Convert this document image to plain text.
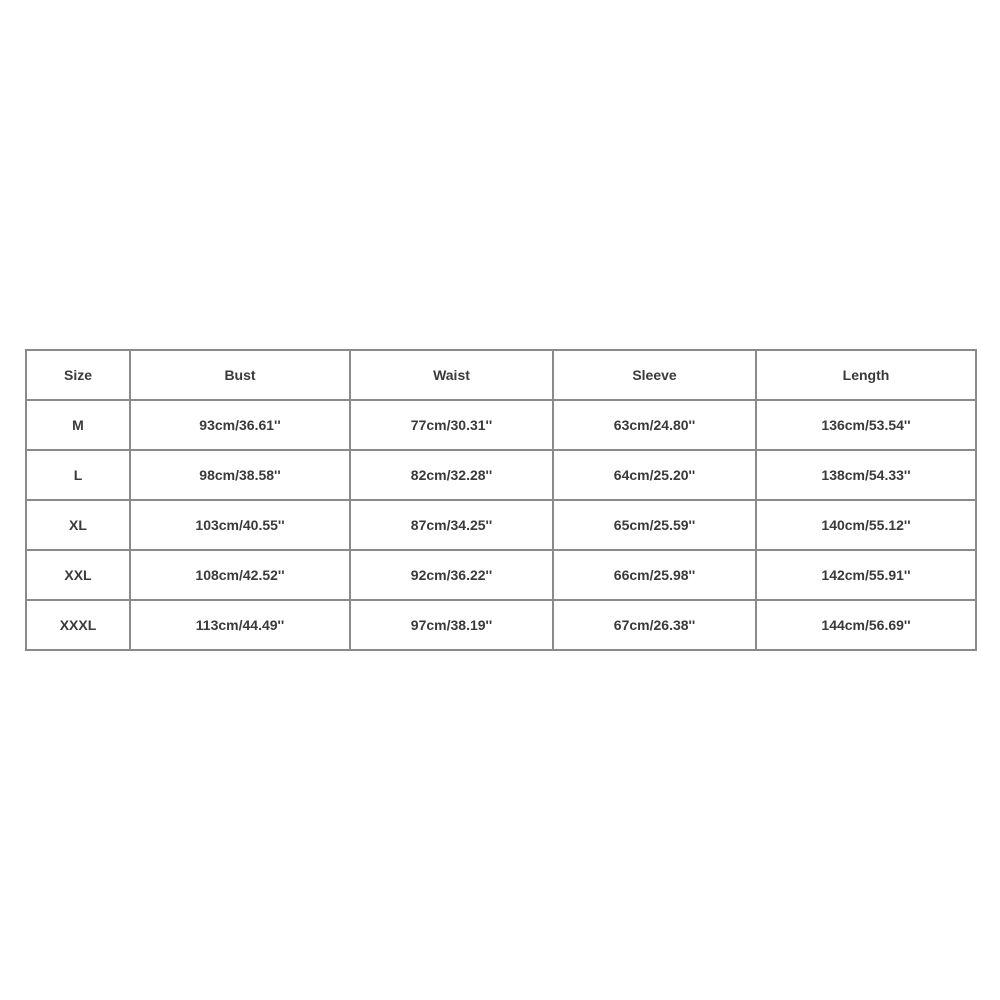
Size	Bust	Waist	Sleeve	Length
M	93cm/36.61''	77cm/30.31''	63cm/24.80''	136cm/53.54''
L	98cm/38.58''	82cm/32.28''	64cm/25.20''	138cm/54.33''
XL	103cm/40.55''	87cm/34.25''	65cm/25.59''	140cm/55.12''
XXL	108cm/42.52''	92cm/36.22''	66cm/25.98''	142cm/55.91''
XXXL	113cm/44.49''	97cm/38.19''	67cm/26.38''	144cm/56.69''
